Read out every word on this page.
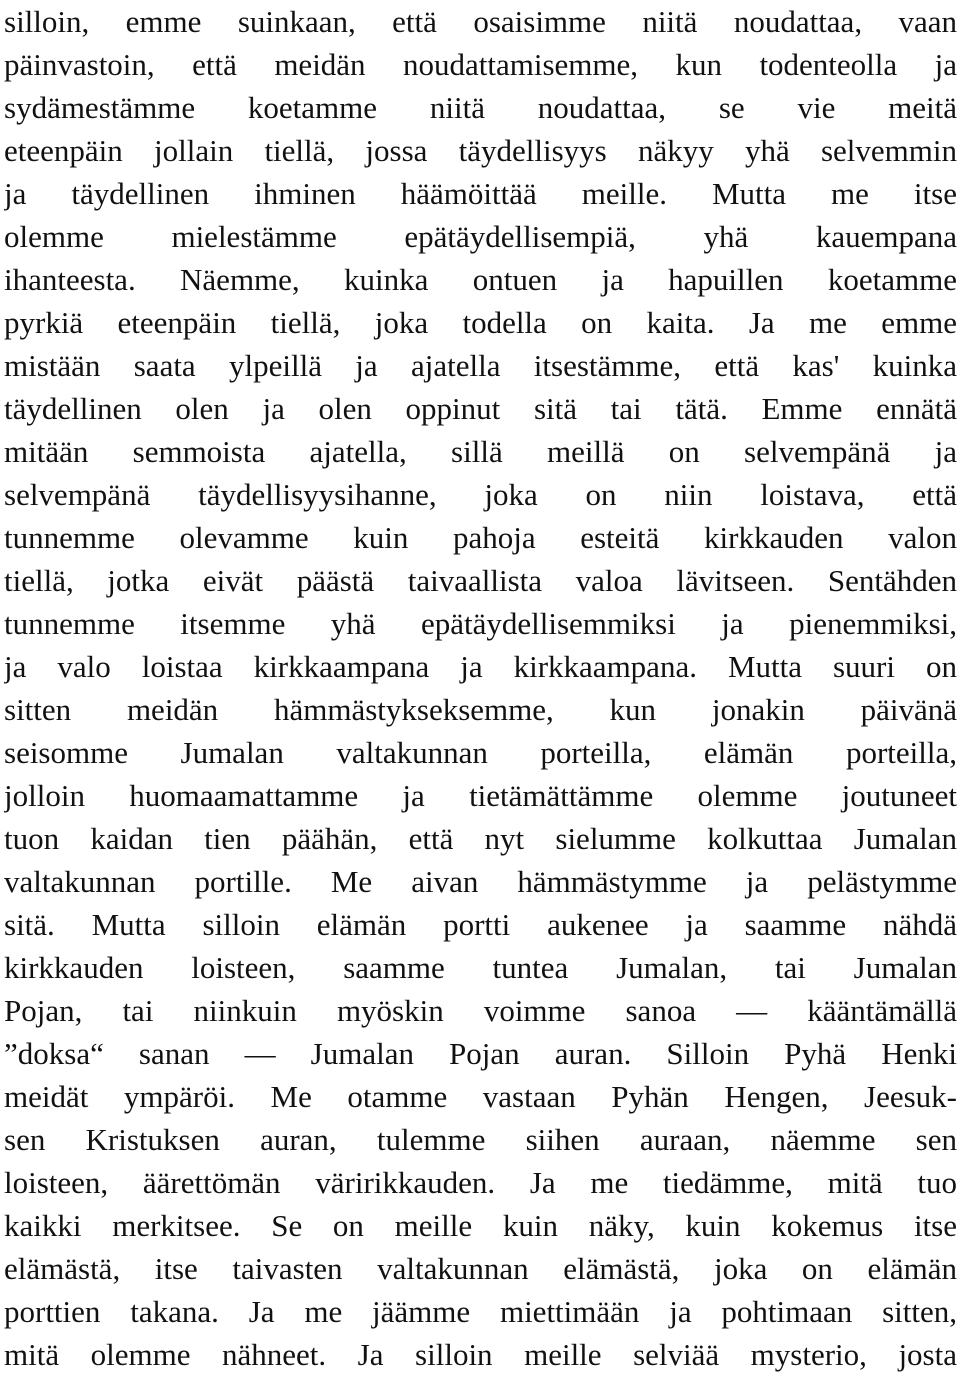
silloin, emme suinkaan, että osaisimme niitä noudattaa, vaan
päinvastoin, että meidän noudattamisemme, kun todenteolla ja
sydämestämme koetamme niitä noudattaa, se vie meitä
eteenpäin jollain tiellä, jossa täydellisyys näkyy yhä selvemmin
ja täydellinen ihminen häämöittää meille. Mutta me itse
olemme mielestämme epätäydellisempiä, yhä kauempana
ihanteesta. Näemme, kuinka ontuen ja hapuillen koetamme
pyrkiä eteenpäin tiellä, joka todella on kaita. Ja me emme
mistään saata ylpeillä ja ajatella itsestämme, että kas' kuinka
täydellinen olen ja olen oppinut sitä tai tätä. Emme ennätä
mitään semmoista ajatella, sillä meillä on selvempänä ja
selvempänä täydellisyysihanne, joka on niin loistava, että
tunnemme olevamme kuin pahoja esteitä kirkkauden valon
tiellä, jotka eivät päästä taivaallista valoa lävitseen. Sentähden
tunnemme itsemme yhä epätäydellisemmiksi ja pienemmiksi,
ja valo loistaa kirkkaampana ja kirkkaampana. Mutta suuri on
sitten meidän hämmästykseksemme, kun jonakin päivänä
seisomme Jumalan valtakunnan porteilla, elämän porteilla,
jolloin huomaamattamme ja tietämättämme olemme joutuneet
tuon kaidan tien päähän, että nyt sielumme kolkuttaa Jumalan
valtakunnan portille. Me aivan hämmästymme ja pelästymme
sitä. Mutta silloin elämän portti aukenee ja saamme nähdä
kirkkauden loisteen, saamme tuntea Jumalan, tai Jumalan
Pojan, tai niinkuin myöskin voimme sanoa — kääntämällä
”doksa“ sanan — Jumalan Pojan auran. Silloin Pyhä Henki
meidät ympäröi. Me otamme vastaan Pyhän Hengen, Jeesuk-
sen Kristuksen auran, tulemme siihen auraan, näemme sen
loisteen, äärettömän väririkkauden. Ja me tiedämme, mitä tuo
kaikki merkitsee. Se on meille kuin näky, kuin kokemus itse
elämästä, itse taivasten valtakunnan elämästä, joka on elämän
porttien takana. Ja me jäämme miettimään ja pohtimaan sitten,
mitä olemme nähneet. Ja silloin meille selviää mysterio, josta
